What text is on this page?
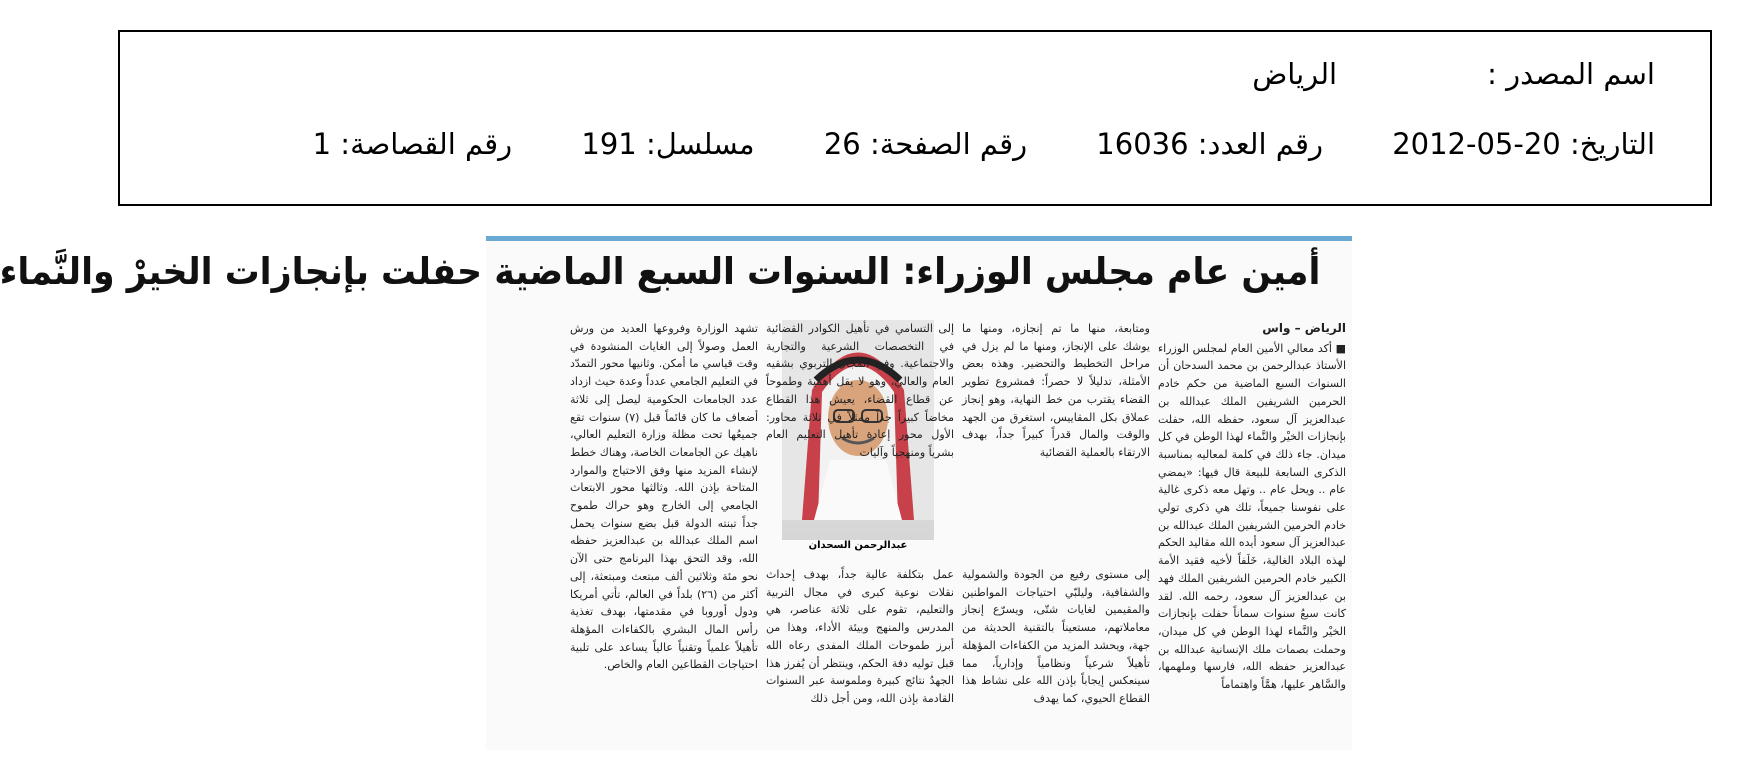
اسم المصدر :الرياض
التاريخ: 2012-05-20 رقم العدد: 16036 رقم الصفحة: 26 مسلسل: 191 رقم القصاصة: 1
أمين عام مجلس الوزراء: السنوات السبع الماضية حفلت بإنجازات الخيرْ والنَّماء

الرياض – واس

■ أكد معالي الأمين العام لمجلس الوزراء الأستاذ عبدالرحمن بن محمد السدحان أن السنوات السبع الماضية من حكم خادم الحرمين الشريفين الملك عبدالله بن عبدالعزيز آل سعود، حفظه الله، حفلت بإنجازات الخيْر والنَّماء لهذا الوطن في كل ميدان. جاء ذلك في كلمة لمعاليه بمناسبة الذكرى السابعة للبيعة قال فيها: «يمضي عام .. ويحل عام .. وتهل معه ذكرى غالية على نفوسنا جميعاً، تلك هي ذكرى تولي خادم الحرمين الشريفين الملك عبدالله بن عبدالعزيز آل سعود أيده الله مقاليد الحكم لهذه البلاد الغالية، خَلَفاً لأخيه فقيد الأمة الكبير خادم الحرمين الشريفين الملك فهد بن عبدالعزيز آل سعود، رحمه الله. لقد كانت سبعُ سنوات سماناً حفلت بإنجازات الخيْر والنَّماء لهذا الوطن في كل ميدان، وحملت بصمات ملك الإنسانية عبدالله بن عبدالعزيز حفظه الله، فارسها وملهمها، والسَّاهر عليها، همَّاً واهتماماً

ومتابعة، منها ما تم إنجازه، ومنها ما يوشك على الإنجاز، ومنها ما لم يزل في مراحل التخطيط والتحضير. وهذه بعض الأمثلة، تدليلاً لا حصراً: فمشروع تطوير القضاء يقترب من خط النهاية، وهو إنجاز عملاق بكل المقاييس، استغرق من الجهد والوقت والمال قدراً كبيراً جداً، بهدف الارتقاء بالعملية القضائية

عبدالرحمن السحدان

إلى التسامي في تأهيل الكوادر القضائية في التخصصات الشرعية والتجارية والاجتماعية. وفي المجال التربوي بشقيه العام والعالي، وهو لا يقل أهمية وطموحاً عن قطاع القضاء، يعيش هذا القطاع مخاضاً كبيراً جداً ممثلاً في ثلاثة محاور: الأول محور إعادة تأهيل التعليم العام بشرياً ومنهجياً وآليات

إلى مستوى رفيع من الجودة والشمولية والشفافية، وليلبّي احتياجات المواطنين والمقيمين لغايات شتّى، ويسرّع إنجاز معاملاتهم، مستعيناً بالتقنية الحديثة من جهة، ويحشد المزيد من الكفاءات المؤهلة تأهيلاً شرعياً ونظامياً وإدارياً، مما سينعكس إيجاباً بإذن الله على نشاط هذا القطاع الحيوي، كما يهدف

عمل بتكلفة عالية جداً، بهدف إحداث نقلات نوعية كبرى في مجال التربية والتعليم، تقوم على ثلاثة عناصر، هي المدرس والمنهج وبيئة الأداء، وهذا من أبرز طموحات الملك المفدى رعاه الله قبل توليه دفة الحكم، وينتظر أن يُفرز هذا الجهدُ نتائج كبيرة وملموسة عبر السنوات القادمة بإذن الله، ومن أجل ذلك

تشهد الوزارة وفروعها العديد من ورش العمل وصولاً إلى الغايات المنشودة في وقت قياسي ما أمكن. وثانيها محور التمدّد في التعليم الجامعي عدداً وعدة حيث ازداد عدد الجامعات الحكومية ليصل إلى ثلاثة أضعاف ما كان قائماً قبل (٧) سنوات تقع جميعُها تحت مظلة وزارة التعليم العالي، ناهيك عن الجامعات الخاصة، وهناك خطط لإنشاء المزيد منها وفق الاحتياج والموارد المتاحة بإذن الله. وثالثها محور الابتعاث الجامعي إلى الخارج وهو حراك طموح جداً تبنته الدولة قبل بضع سنوات يحمل اسم الملك عبدالله بن عبدالعزيز حفظه الله، وقد التحق بهذا البرنامج حتى الآن نحو مئة وثلاثين ألف مبتعث ومبتعثة، إلى أكثر من (٢٦) بلداً في العالم، تأتي أمريكا ودول أوروبا في مقدمتها، بهدف تغذية رأس المال البشري بالكفاءات المؤهلة تأهيلاً علمياً وتقنياً عالياً يساعد على تلبية احتياجات القطاعين العام والخاص.
